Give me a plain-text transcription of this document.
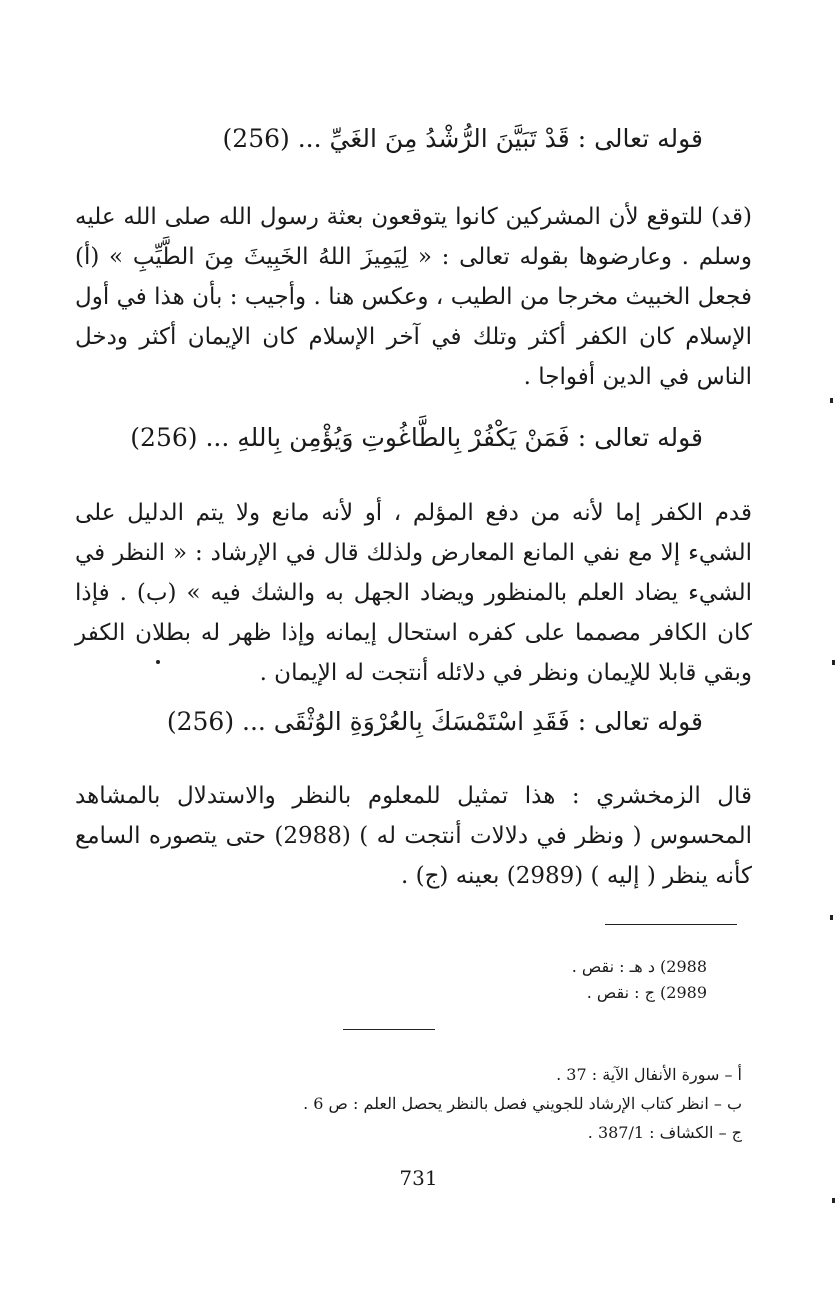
قوله تعالى : قَدْ تَبَيَّنَ الرُّشْدُ مِنَ الغَيِّ ... (256)

(قد) للتوقع لأن المشركين كانوا يتوقعون بعثة رسول الله صلى الله عليه وسلم . وعارضوها بقوله تعالى : « لِيَمِيزَ اللهُ الخَبِيثَ مِنَ الطَّيِّبِ » (أ) فجعل الخبيث مخرجا من الطيب ، وعكس هنا . وأجيب : بأن هذا في أول الإسلام كان الكفر أكثر وتلك في آخر الإسلام كان الإيمان أكثر ودخل الناس في الدين أفواجا .

قوله تعالى : فَمَنْ يَكْفُرْ بِالطَّاغُوتِ وَيُؤْمِن بِاللهِ ... (256)

قدم الكفر إما لأنه من دفع المؤلم ، أو لأنه مانع ولا يتم الدليل على الشيء إلا مع نفي المانع المعارض ولذلك قال في الإرشاد : « النظر في الشيء يضاد العلم بالمنظور ويضاد الجهل به والشك فيه » (ب) . فإذا كان الكافر مصمما على كفره استحال إيمانه وإذا ظهر له بطلان الكفر وبقي قابلا للإيمان ونظر في دلائله أنتجت له الإيمان .

قوله تعالى : فَقَدِ اسْتَمْسَكَ بِالعُرْوَةِ الوُثْقَى ... (256)

قال الزمخشري : هذا تمثيل للمعلوم بالنظر والاستدلال بالمشاهد المحسوس ( ونظر في دلالات أنتجت له ) (2988) حتى يتصوره السامع كأنه ينظر ( إليه ) (2989) بعينه (ج) .

2988) د هـ : نقص .
2989) ج : نقص .
أ – سورة الأنفال الآية : 37 .
ب – انظر كتاب الإرشاد للجويني فصل بالنظر يحصل العلم : ص 6 .
ج – الكشاف : 387/1 .
731
